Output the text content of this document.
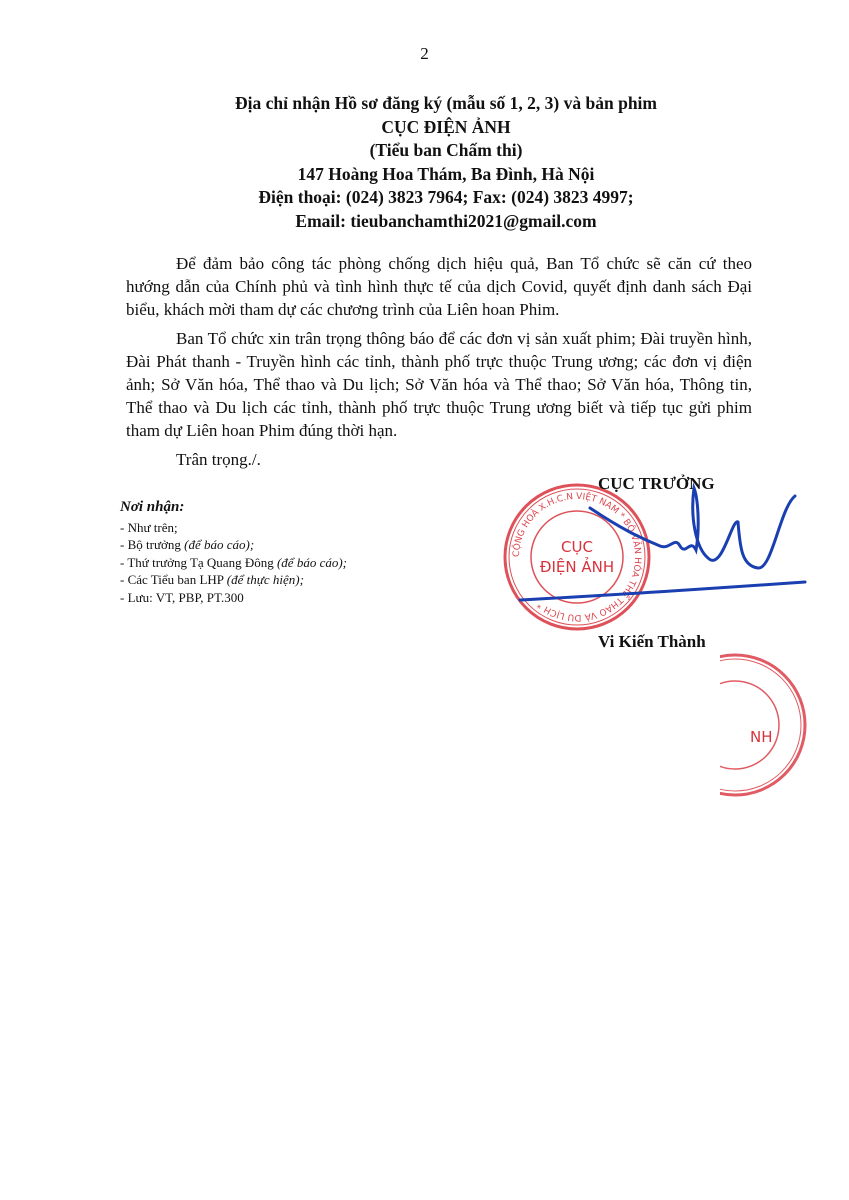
2
Địa chỉ nhận Hồ sơ đăng ký (mẫu số 1, 2, 3) và bản phim
CỤC ĐIỆN ẢNH
(Tiểu ban Chấm thi)
147 Hoàng Hoa Thám, Ba Đình, Hà Nội
Điện thoại: (024) 3823 7964; Fax: (024) 3823 4997;
Email: tieubanchamthi2021@gmail.com

Để đảm bảo công tác phòng chống dịch hiệu quả, Ban Tổ chức sẽ căn cứ theo hướng dẫn của Chính phủ và tình hình thực tế của dịch Covid, quyết định danh sách Đại biểu, khách mời tham dự các chương trình của Liên hoan Phim.

Ban Tổ chức xin trân trọng thông báo để các đơn vị sản xuất phim; Đài truyền hình, Đài Phát thanh - Truyền hình các tỉnh, thành phố trực thuộc Trung ương; các đơn vị điện ảnh; Sở Văn hóa, Thể thao và Du lịch; Sở Văn hóa và Thể thao; Sở Văn hóa, Thông tin, Thể thao và Du lịch các tỉnh, thành phố trực thuộc Trung ương biết và tiếp tục gửi phim tham dự Liên hoan Phim đúng thời hạn.

Trân trọng./.

Nơi nhận:
- Như trên;
- Bộ trưởng (để báo cáo);
- Thứ trưởng Tạ Quang Đông (để báo cáo);
- Các Tiểu ban LHP (để thực hiện);
- Lưu: VT, PBP, PT.300
CỘNG HOÀ X.H.C.N VIỆT NAM * BỘ VĂN HÓA THỂ THAO VÀ DU LỊCH *
CỤC
ĐIỆN ẢNH
CỤC TRƯỞNG
Vi Kiến Thành
NH
